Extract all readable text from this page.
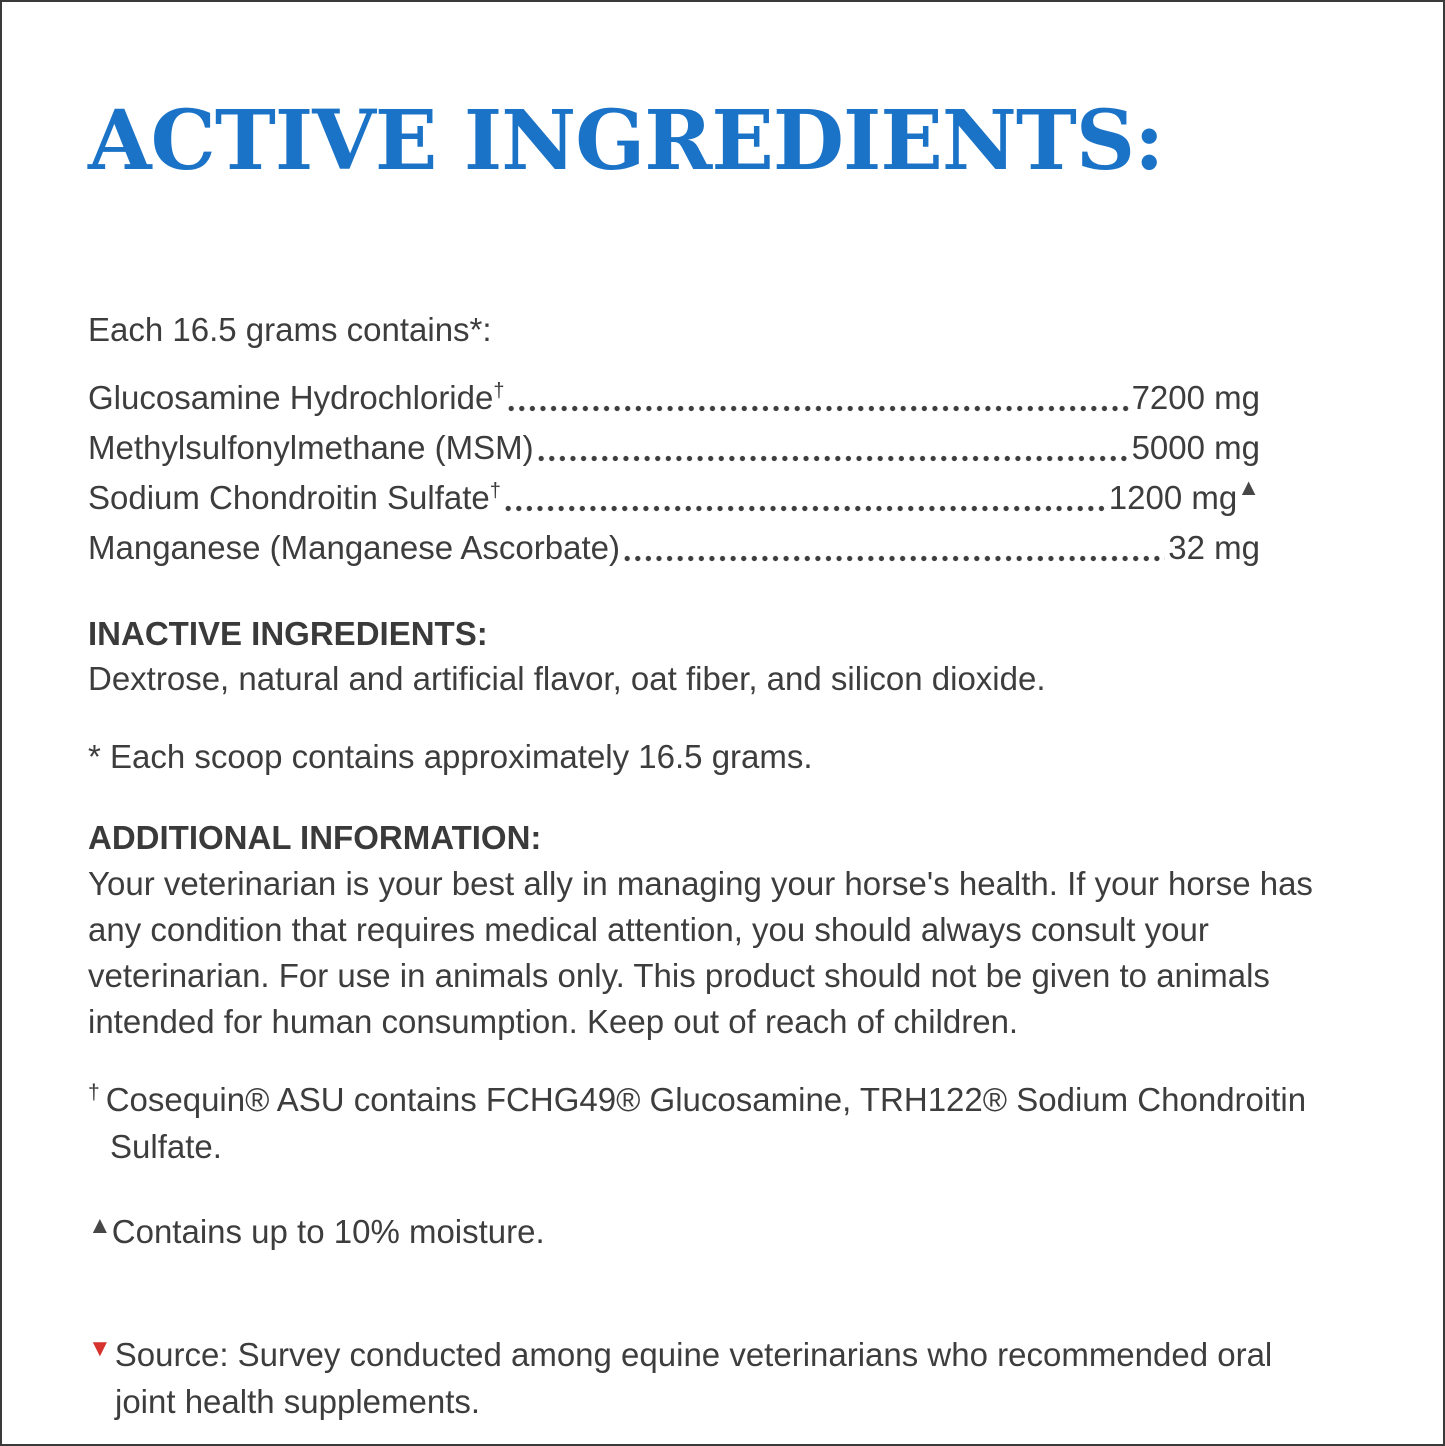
ACTIVE INGREDIENTS:

Each 16.5 grams contains*:

Glucosamine Hydrochloride†	7200 mg
Methylsulfonylmethane (MSM)	5000 mg
Sodium Chondroitin Sulfate†	1200 mg▲
Manganese (Manganese Ascorbate)	32 mg
INACTIVE INGREDIENTS:
Dextrose, natural and artificial flavor, oat fiber, and silicon dioxide.
* Each scoop contains approximately 16.5 grams.
ADDITIONAL INFORMATION:
Your veterinarian is your best ally in managing your horse's health. If your horse has any condition that requires medical attention, you should always consult your veterinarian. For use in animals only. This product should not be given to animals intended for human consumption. Keep out of reach of children.
† Cosequin® ASU contains FCHG49® Glucosamine, TRH122® Sodium Chondroitin Sulfate.
▲Contains up to 10% moisture.
▼Source: Survey conducted among equine veterinarians who recommended oral joint health supplements.
